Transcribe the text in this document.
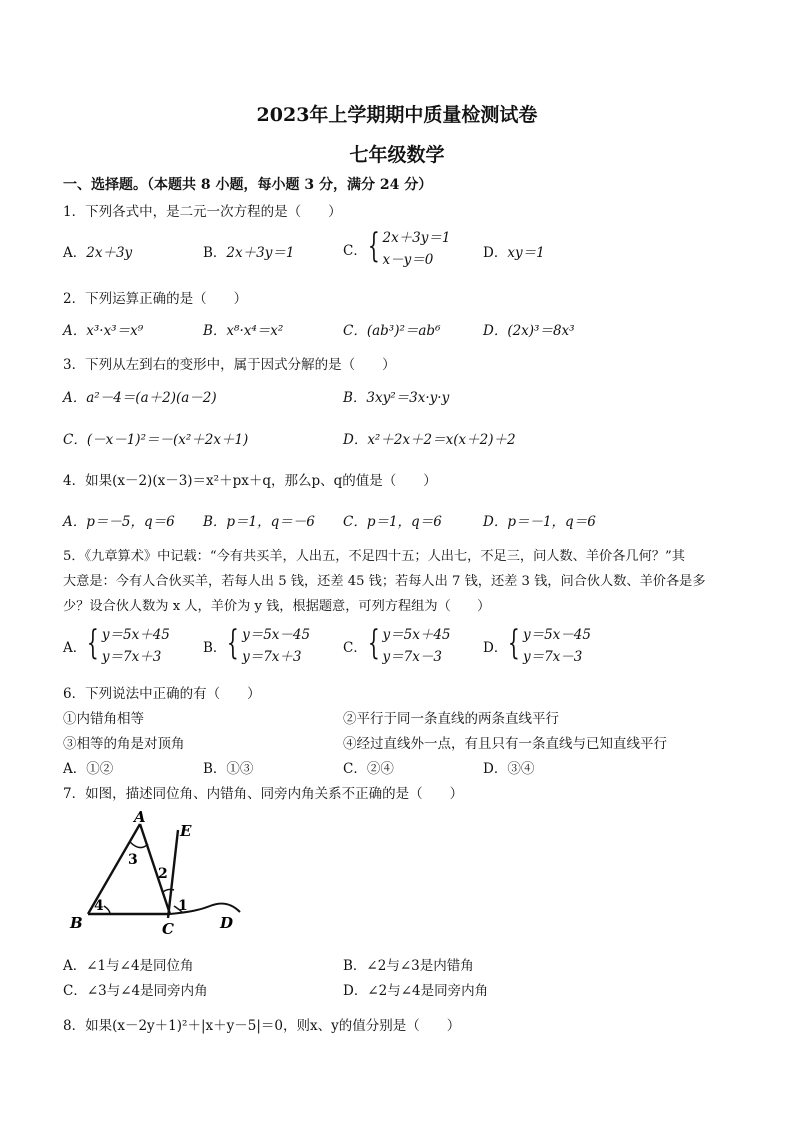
2023年上学期期中质量检测试卷
七年级数学
一、选择题。（本题共 8 小题，每小题 3 分，满分 24 分）
1．下列各式中，是二元一次方程的是（　　）
A．2x＋3y	B．2x＋3y＝1	C． { 2x＋3y＝1
x－y＝0	D．xy＝1
2．下列运算正确的是（　　）
A．x³·x³＝x⁹	B．x⁸·x⁴＝x²	C．(ab³)²＝ab⁶	D．(2x)³＝8x³
3．下列从左到右的变形中，属于因式分解的是（　　）
A．a²－4＝(a＋2)(a－2)	B．3xy²＝3x·y·y
C．(－x－1)²＝－(x²＋2x＋1)	D．x²＋2x＋2＝x(x＋2)＋2
4．如果(x－2)(x－3)＝x²＋px＋q，那么p、q的值是（　　）
A．p＝－5，q＝6 B．p＝1，q＝－6 C．p＝1，q＝6	D．p＝－1，q＝6
5．《九章算术》中记载：“今有共买羊，人出五，不足四十五；人出七，不足三，问人数、羊价各几何？”其
大意是：今有人合伙买羊，若每人出 5 钱，还差 45 钱；若每人出 7 钱，还差 3 钱，问合伙人数、羊价各是多
少？设合伙人数为 x 人，羊价为 y 钱，根据题意，可列方程组为（　　）
A． { y＝5x＋45
y＝7x＋3
B． { y＝5x－45
y＝7x＋3
C． { y＝5x＋45
y＝7x－3
D． { y＝5x－45
y＝7x－3
6．下列说法中正确的有（　　）
①内错角相等	②平行于同一条直线的两条直线平行
③相等的角是对顶角	④经过直线外一点，有且只有一条直线与已知直线平行
A．①②	B．①③	C．②④	D．③④
7．如图，描述同位角、内错角、同旁内角关系不正确的是（　　）
A
B	C	D
E
1
2
3
4
A．∠1与∠4是同位角	B．∠2与∠3是内错角
C．∠3与∠4是同旁内角	D．∠2与∠4是同旁内角
8．如果(x－2y＋1)²＋|x＋y－5|＝0，则x、y的值分别是（　　）
